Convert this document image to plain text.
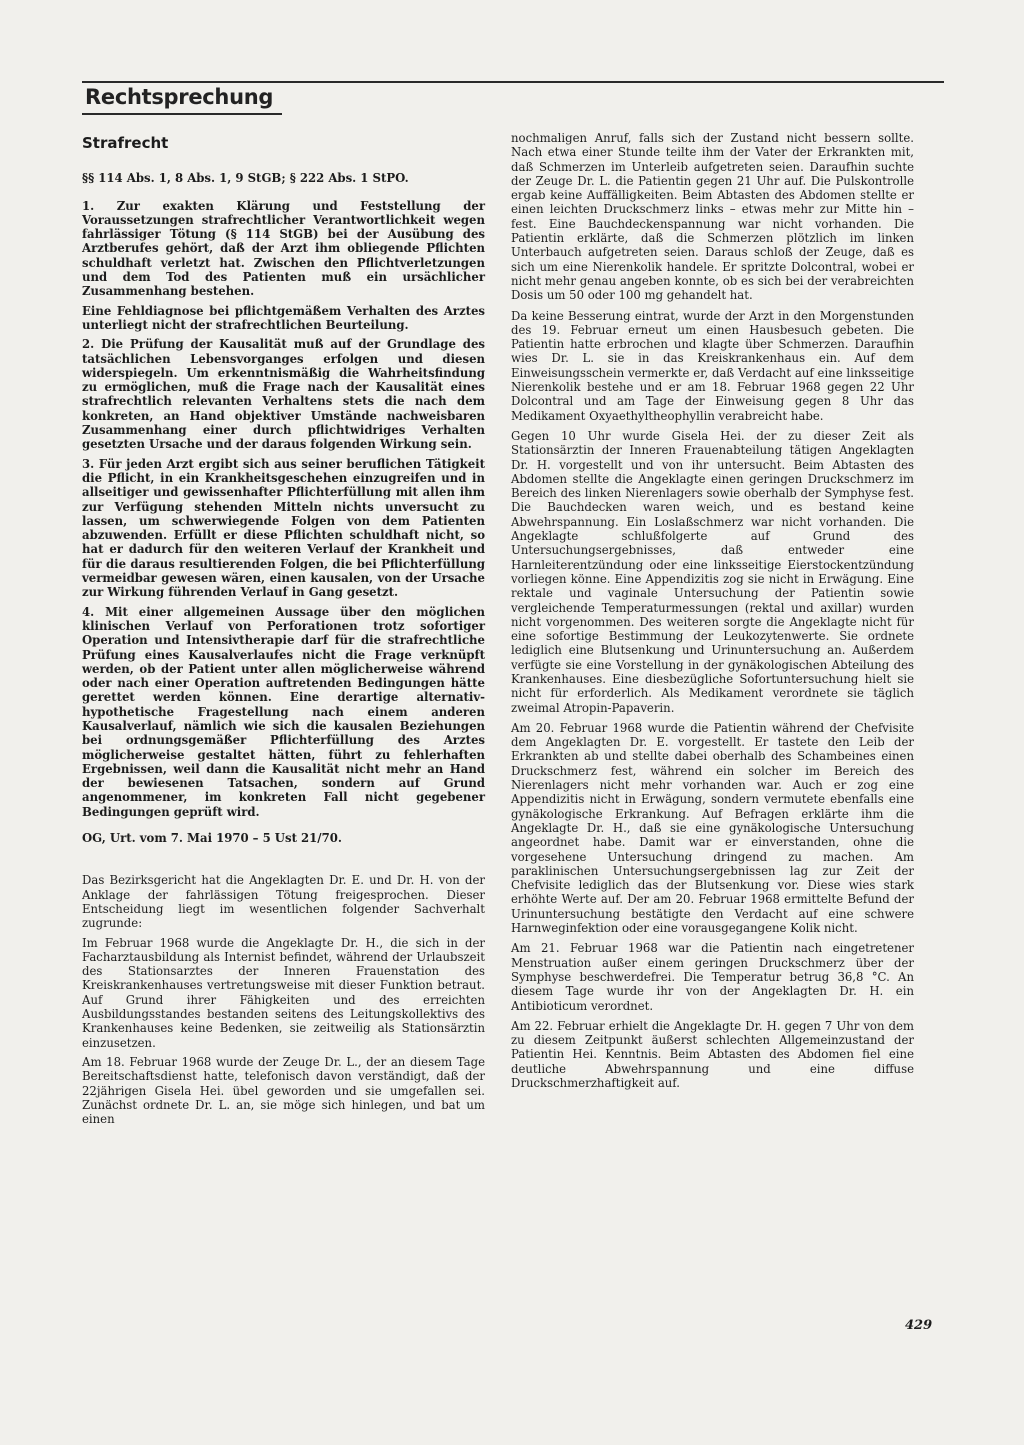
Rechtsprechung
Strafrecht

§§ 114 Abs. 1, 8 Abs. 1, 9 StGB; § 222 Abs. 1 StPO.

1. Zur exakten Klärung und Feststellung der Voraussetzungen strafrechtlicher Verantwortlichkeit wegen fahrlässiger Tötung (§ 114 StGB) bei der Ausübung des Arztberufes gehört, daß der Arzt ihm obliegende Pflichten schuldhaft verletzt hat. Zwischen den Pflichtverletzungen und dem Tod des Patienten muß ein ursächlicher Zusammenhang bestehen.

Eine Fehldiagnose bei pflichtgemäßem Verhalten des Arztes unterliegt nicht der strafrechtlichen Beurteilung.

2. Die Prüfung der Kausalität muß auf der Grundlage des tatsächlichen Lebensvorganges erfolgen und diesen widerspiegeln. Um erkenntnismäßig die Wahrheitsfindung zu ermöglichen, muß die Frage nach der Kausalität eines strafrechtlich relevanten Verhaltens stets die nach dem konkreten, an Hand objektiver Umstände nachweisbaren Zusammenhang einer durch pflichtwidriges Verhalten gesetzten Ursache und der daraus folgenden Wirkung sein.

3. Für jeden Arzt ergibt sich aus seiner beruflichen Tätigkeit die Pflicht, in ein Krankheitsgeschehen einzugreifen und in allseitiger und gewissenhafter Pflichterfüllung mit allen ihm zur Verfügung stehenden Mitteln nichts unversucht zu lassen, um schwerwiegende Folgen von dem Patienten abzuwenden. Erfüllt er diese Pflichten schuldhaft nicht, so hat er dadurch für den weiteren Verlauf der Krankheit und für die daraus resultierenden Folgen, die bei Pflichterfüllung vermeidbar gewesen wären, einen kausalen, von der Ursache zur Wirkung führenden Verlauf in Gang gesetzt.

4. Mit einer allgemeinen Aussage über den möglichen klinischen Verlauf von Perforationen trotz sofortiger Operation und Intensivtherapie darf für die strafrechtliche Prüfung eines Kausalverlaufes nicht die Frage verknüpft werden, ob der Patient unter allen möglicherweise während oder nach einer Operation auftretenden Bedingungen hätte gerettet werden können. Eine derartige alternativ-hypothetische Fragestellung nach einem anderen Kausalverlauf, nämlich wie sich die kausalen Beziehungen bei ordnungsgemäßer Pflichterfüllung des Arztes möglicherweise gestaltet hätten, führt zu fehlerhaften Ergebnissen, weil dann die Kausalität nicht mehr an Hand der bewiesenen Tatsachen, sondern auf Grund angenommener, im konkreten Fall nicht gegebener Bedingungen geprüft wird.

OG, Urt. vom 7. Mai 1970 – 5 Ust 21/70.

Das Bezirksgericht hat die Angeklagten Dr. E. und Dr. H. von der Anklage der fahrlässigen Tötung freigesprochen. Dieser Entscheidung liegt im wesentlichen folgender Sachverhalt zugrunde:

Im Februar 1968 wurde die Angeklagte Dr. H., die sich in der Facharztausbildung als Internist befindet, während der Urlaubszeit des Stationsarztes der Inneren Frauenstation des Kreiskrankenhauses vertretungsweise mit dieser Funktion betraut. Auf Grund ihrer Fähigkeiten und des erreichten Ausbildungsstandes bestanden seitens des Leitungskollektivs des Krankenhauses keine Bedenken, sie zeitweilig als Stationsärztin einzusetzen.

Am 18. Februar 1968 wurde der Zeuge Dr. L., der an diesem Tage Bereitschaftsdienst hatte, telefonisch davon verständigt, daß der 22jährigen Gisela Hei. übel geworden und sie umgefallen sei. Zunächst ordnete Dr. L. an, sie möge sich hinlegen, und bat um einen

nochmaligen Anruf, falls sich der Zustand nicht bessern sollte. Nach etwa einer Stunde teilte ihm der Vater der Erkrankten mit, daß Schmerzen im Unterleib aufgetreten seien. Daraufhin suchte der Zeuge Dr. L. die Patientin gegen 21 Uhr auf. Die Pulskontrolle ergab keine Auffälligkeiten. Beim Abtasten des Abdomen stellte er einen leichten Druckschmerz links – etwas mehr zur Mitte hin – fest. Eine Bauchdeckenspannung war nicht vorhanden. Die Patientin erklärte, daß die Schmerzen plötzlich im linken Unterbauch aufgetreten seien. Daraus schloß der Zeuge, daß es sich um eine Nierenkolik handele. Er spritzte Dolcontral, wobei er nicht mehr genau angeben konnte, ob es sich bei der verabreichten Dosis um 50 oder 100 mg gehandelt hat.

Da keine Besserung eintrat, wurde der Arzt in den Morgenstunden des 19. Februar erneut um einen Hausbesuch gebeten. Die Patientin hatte erbrochen und klagte über Schmerzen. Daraufhin wies Dr. L. sie in das Kreiskrankenhaus ein. Auf dem Einweisungsschein vermerkte er, daß Verdacht auf eine linksseitige Nierenkolik bestehe und er am 18. Februar 1968 gegen 22 Uhr Dolcontral und am Tage der Einweisung gegen 8 Uhr das Medikament Oxyaethyltheophyllin verabreicht habe.

Gegen 10 Uhr wurde Gisela Hei. der zu dieser Zeit als Stationsärztin der Inneren Frauenabteilung tätigen Angeklagten Dr. H. vorgestellt und von ihr untersucht. Beim Abtasten des Abdomen stellte die Angeklagte einen geringen Druckschmerz im Bereich des linken Nierenlagers sowie oberhalb der Symphyse fest. Die Bauchdecken waren weich, und es bestand keine Abwehrspannung. Ein Loslaßschmerz war nicht vorhanden. Die Angeklagte schlußfolgerte auf Grund des Untersuchungsergebnisses, daß entweder eine Harnleiterentzündung oder eine linksseitige Eierstockentzündung vorliegen könne. Eine Appendizitis zog sie nicht in Erwägung. Eine rektale und vaginale Untersuchung der Patientin sowie vergleichende Temperaturmessungen (rektal und axillar) wurden nicht vorgenommen. Des weiteren sorgte die Angeklagte nicht für eine sofortige Bestimmung der Leukozytenwerte. Sie ordnete lediglich eine Blutsenkung und Urinuntersuchung an. Außerdem verfügte sie eine Vorstellung in der gynäkologischen Abteilung des Krankenhauses. Eine diesbezügliche Sofortuntersuchung hielt sie nicht für erforderlich. Als Medikament verordnete sie täglich zweimal Atropin-Papaverin.

Am 20. Februar 1968 wurde die Patientin während der Chefvisite dem Angeklagten Dr. E. vorgestellt. Er tastete den Leib der Erkrankten ab und stellte dabei oberhalb des Schambeines einen Druckschmerz fest, während ein solcher im Bereich des Nierenlagers nicht mehr vorhanden war. Auch er zog eine Appendizitis nicht in Erwägung, sondern vermutete ebenfalls eine gynäkologische Erkrankung. Auf Befragen erklärte ihm die Angeklagte Dr. H., daß sie eine gynäkologische Untersuchung angeordnet habe. Damit war er einverstanden, ohne die vorgesehene Untersuchung dringend zu machen. Am paraklinischen Untersuchungsergebnissen lag zur Zeit der Chefvisite lediglich das der Blutsenkung vor. Diese wies stark erhöhte Werte auf. Der am 20. Februar 1968 ermittelte Befund der Urinuntersuchung bestätigte den Verdacht auf eine schwere Harnweginfektion oder eine vorausgegangene Kolik nicht.

Am 21. Februar 1968 war die Patientin nach eingetretener Menstruation außer einem geringen Druckschmerz über der Symphyse beschwerdefrei. Die Temperatur betrug 36,8 °C. An diesem Tage wurde ihr von der Angeklagten Dr. H. ein Antibioticum verordnet.

Am 22. Februar erhielt die Angeklagte Dr. H. gegen 7 Uhr von dem zu diesem Zeitpunkt äußerst schlechten Allgemeinzustand der Patientin Hei. Kenntnis. Beim Abtasten des Abdomen fiel eine deutliche Abwehrspannung und eine diffuse Druckschmerzhaftigkeit auf.

429
